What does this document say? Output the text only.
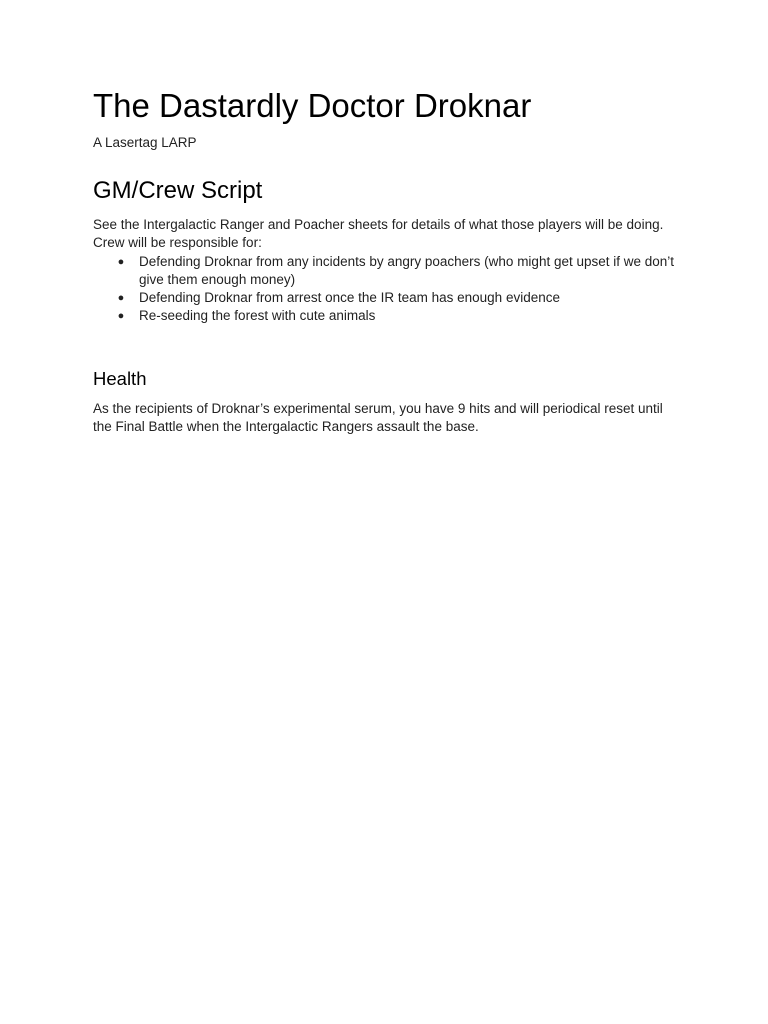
The Dastardly Doctor Droknar

A Lasertag LARP

GM/Crew Script

See the Intergalactic Ranger and Poacher sheets for details of what those players will be doing.

Crew will be responsible for:

● Defending Droknar from any incidents by angry poachers (who might get upset if we don’t give them enough money)
● Defending Droknar from arrest once the IR team has enough evidence
● Re-seeding the forest with cute animals
Health

As the recipients of Droknar’s experimental serum, you have 9 hits and will periodical reset until the Final Battle when the Intergalactic Rangers assault the base.
